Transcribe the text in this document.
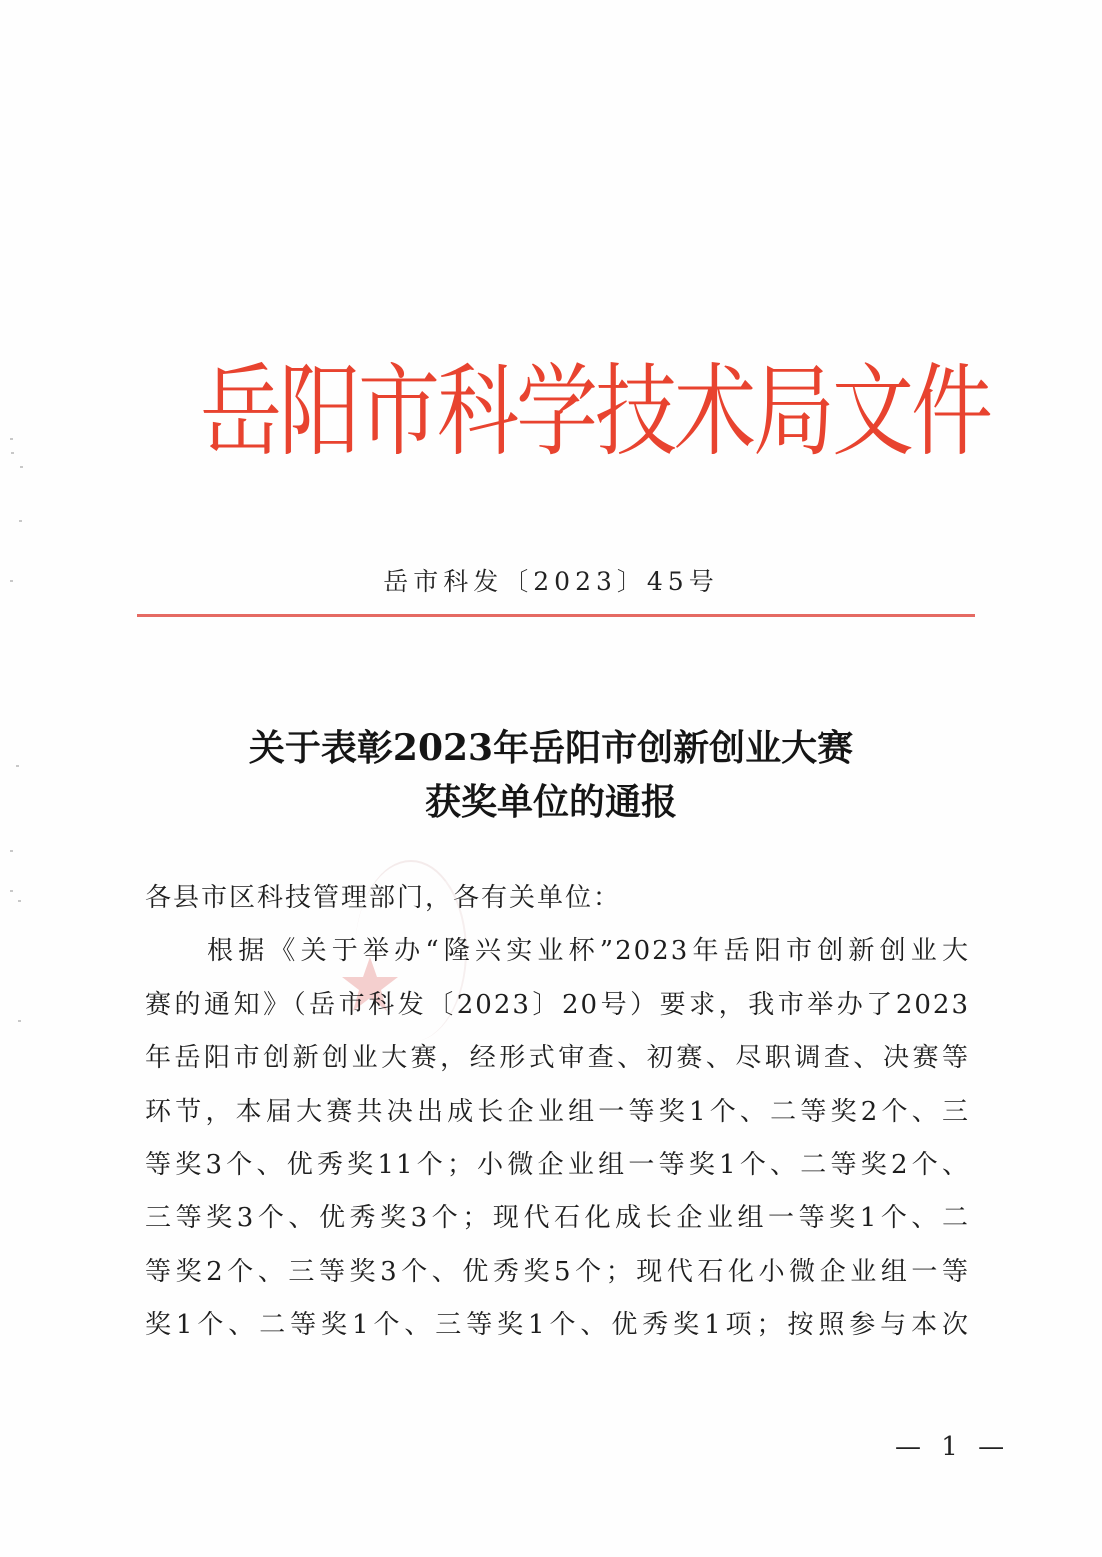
岳
阳
市
科
学
技
术
局
文
件
岳市科发〔2023〕45号
关于表彰2023年岳阳市创新创业大赛
获奖单位的通报
各县市区科技管理部门，各有关单位：
根据《关于举办“隆兴实业杯”2023年岳阳市创新创业大
赛的通知》（岳市科发〔2023〕20号）要求，我市举办了2023
年岳阳市创新创业大赛，经形式审查、初赛、尽职调查、决赛等
环节，本届大赛共决出成长企业组一等奖1个、二等奖2个、三
等奖3个、优秀奖11个；小微企业组一等奖1个、二等奖2个、
三等奖3个、优秀奖3个；现代石化成长企业组一等奖1个、二
等奖2个、三等奖3个、优秀奖5个；现代石化小微企业组一等
奖1个、二等奖1个、三等奖1个、优秀奖1项；按照参与本次
— 1 —
